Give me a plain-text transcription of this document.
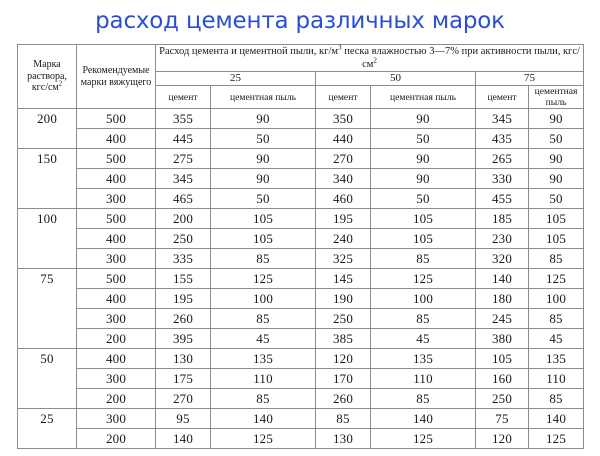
расход цемента различных марок
Марка раствора, кгс/$см^2$	Рекомендуемые марки вяжущего	Расход цемента и цементной пыли, $кг/м^3$ песка влажностью 3—7% при активности пыли, кгс/$см^2$
		25		50		75	
		цемент	цементная пыль	цемент	цементная пыль	цемент	цементная пыль
200	500	355	90	350	90	345	90
	400	445	50	440	50	435	50
150	500	275	90	270	90	265	90
	400	345	90	340	90	330	90
	300	465	50	460	50	455	50
100	500	200	105	195	105	185	105
	400	250	105	240	105	230	105
	300	335	85	325	85	320	85
75	500	155	125	145	125	140	125
	400	195	100	190	100	180	100
	300	260	85	250	85	245	85
	200	395	45	385	45	380	45
50	400	130	135	120	135	105	135
	300	175	110	170	110	160	110
	200	270	85	260	85	250	85
25	300	95	140	85	140	75	140
	200	140	125	130	125	120	125
